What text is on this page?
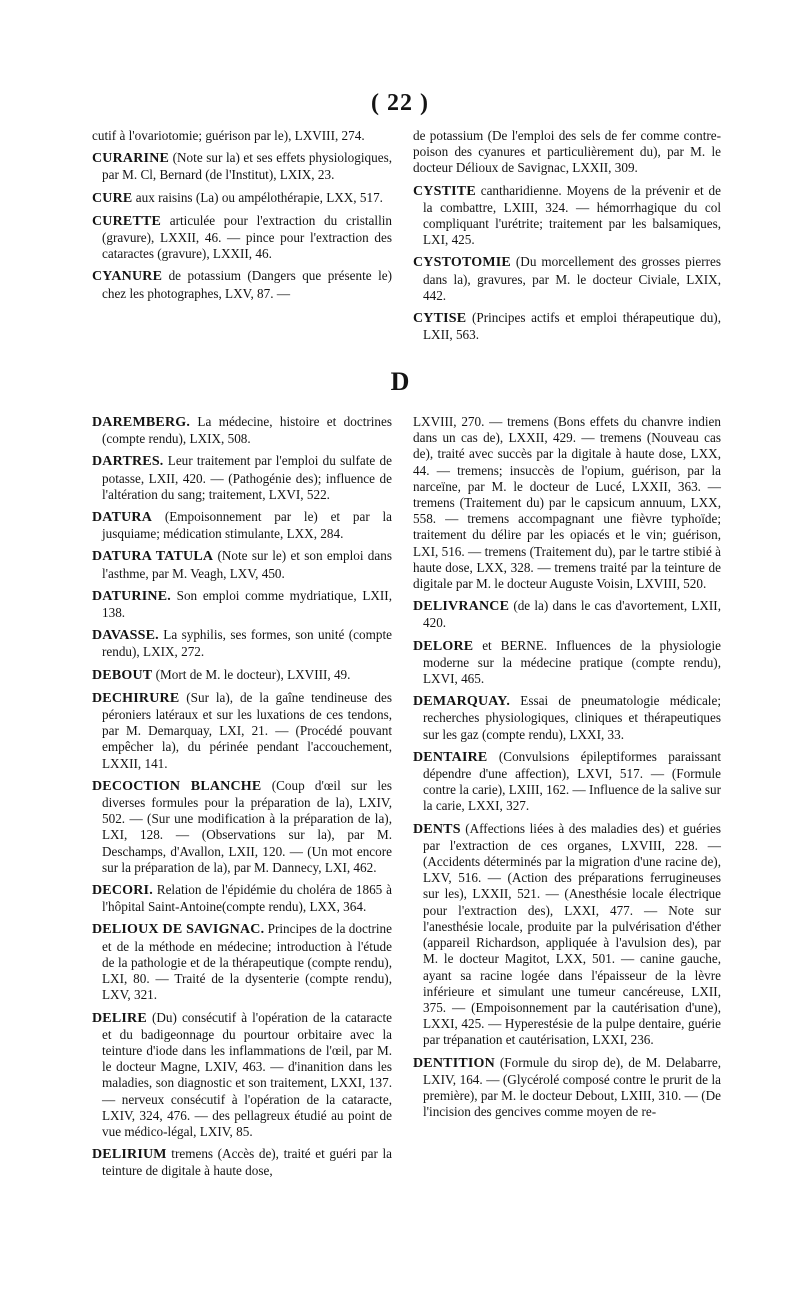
( 22 )

cutif à l'ovariotomie; guérison par le), LXVIII, 274.

CURARINE (Note sur la) et ses effets physiologiques, par M. Cl, Bernard (de l'Institut), LXIX, 23.

CURE aux raisins (La) ou ampélothérapie, LXX, 517.

CURETTE articulée pour l'extraction du cristallin (gravure), LXXII, 46. — pince pour l'extraction des cataractes (gravure), LXXII, 46.

CYANURE de potassium (Dangers que présente le) chez les photographes, LXV, 87. —

de potassium (De l'emploi des sels de fer comme contre-poison des cyanures et particulièrement du), par M. le docteur Délioux de Savignac, LXXII, 309.

CYSTITE cantharidienne. Moyens de la prévenir et de la combattre, LXIII, 324. — hémorrhagique du col compliquant l'urétrite; traitement par les balsamiques, LXI, 425.

CYSTOTOMIE (Du morcellement des grosses pierres dans la), gravures, par M. le docteur Civiale, LXIX, 442.

CYTISE (Principes actifs et emploi thérapeutique du), LXII, 563.

D

DAREMBERG. La médecine, histoire et doctrines (compte rendu), LXIX, 508.

DARTRES. Leur traitement par l'emploi du sulfate de potasse, LXII, 420. — (Pathogénie des); influence de l'altération du sang; traitement, LXVI, 522.

DATURA (Empoisonnement par le) et par la jusquiame; médication stimulante, LXX, 284.

DATURA TATULA (Note sur le) et son emploi dans l'asthme, par M. Veagh, LXV, 450.

DATURINE. Son emploi comme mydriatique, LXII, 138.

DAVASSE. La syphilis, ses formes, son unité (compte rendu), LXIX, 272.

DEBOUT (Mort de M. le docteur), LXVIII, 49.

DECHIRURE (Sur la), de la gaîne tendineuse des péroniers latéraux et sur les luxations de ces tendons, par M. Demarquay, LXI, 21. — (Procédé pouvant empêcher la), du périnée pendant l'accouchement, LXXII, 141.

DECOCTION BLANCHE (Coup d'œil sur les diverses formules pour la préparation de la), LXIV, 502. — (Sur une modification à la préparation de la), LXI, 128. — (Observations sur la), par M. Deschamps, d'Avallon, LXII, 120. — (Un mot encore sur la préparation de la), par M. Dannecy, LXI, 462.

DECORI. Relation de l'épidémie du choléra de 1865 à l'hôpital Saint-Antoine(compte rendu), LXX, 364.

DELIOUX DE SAVIGNAC. Principes de la doctrine et de la méthode en médecine; introduction à l'étude de la pathologie et de la thérapeutique (compte rendu), LXI, 80. — Traité de la dysenterie (compte rendu), LXV, 321.

DELIRE (Du) consécutif à l'opération de la cataracte et du badigeonnage du pourtour orbitaire avec la teinture d'iode dans les inflammations de l'œil, par M. le docteur Magne, LXIV, 463. — d'inanition dans les maladies, son diagnostic et son traitement, LXXI, 137. — nerveux consécutif à l'opération de la cataracte, LXIV, 324, 476. — des pellagreux étudié au point de vue médico-légal, LXIV, 85.

DELIRIUM tremens (Accès de), traité et guéri par la teinture de digitale à haute dose,

LXVIII, 270. — tremens (Bons effets du chanvre indien dans un cas de), LXXII, 429. — tremens (Nouveau cas de), traité avec succès par la digitale à haute dose, LXX, 44. — tremens; insuccès de l'opium, guérison, par la narceïne, par M. le docteur de Lucé, LXXII, 363. — tremens (Traitement du) par le capsicum annuum, LXX, 558. — tremens accompagnant une fièvre typhoïde; traitement du délire par les opiacés et le vin; guérison, LXI, 516. — tremens (Traitement du), par le tartre stibié à haute dose, LXX, 328. — tremens traité par la teinture de digitale par M. le docteur Auguste Voisin, LXVIII, 520.

DELIVRANCE (de la) dans le cas d'avortement, LXII, 420.

DELORE et BERNE. Influences de la physiologie moderne sur la médecine pratique (compte rendu), LXVI, 465.

DEMARQUAY. Essai de pneumatologie médicale; recherches physiologiques, cliniques et thérapeutiques sur les gaz (compte rendu), LXXI, 33.

DENTAIRE (Convulsions épileptiformes paraissant dépendre d'une affection), LXVI, 517. — (Formule contre la carie), LXIII, 162. — Influence de la salive sur la carie, LXXI, 327.

DENTS (Affections liées à des maladies des) et guéries par l'extraction de ces organes, LXVIII, 228. — (Accidents déterminés par la migration d'une racine de), LXV, 516. — (Action des préparations ferrugineuses sur les), LXXII, 521. — (Anesthésie locale électrique pour l'extraction des), LXXI, 477. — Note sur l'anesthésie locale, produite par la pulvérisation d'éther (appareil Richardson, appliquée à l'avulsion des), par M. le docteur Magitot, LXX, 501. — canine gauche, ayant sa racine logée dans l'épaisseur de la lèvre inférieure et simulant une tumeur cancéreuse, LXII, 375. — (Empoisonnement par la cautérisation d'une), LXXI, 425. — Hyperestésie de la pulpe dentaire, guérie par trépanation et cautérisation, LXXI, 236.

DENTITION (Formule du sirop de), de M. Delabarre, LXIV, 164. — (Glycérolé composé contre le prurit de la première), par M. le docteur Debout, LXIII, 310. — (De l'incision des gencives comme moyen de re-
